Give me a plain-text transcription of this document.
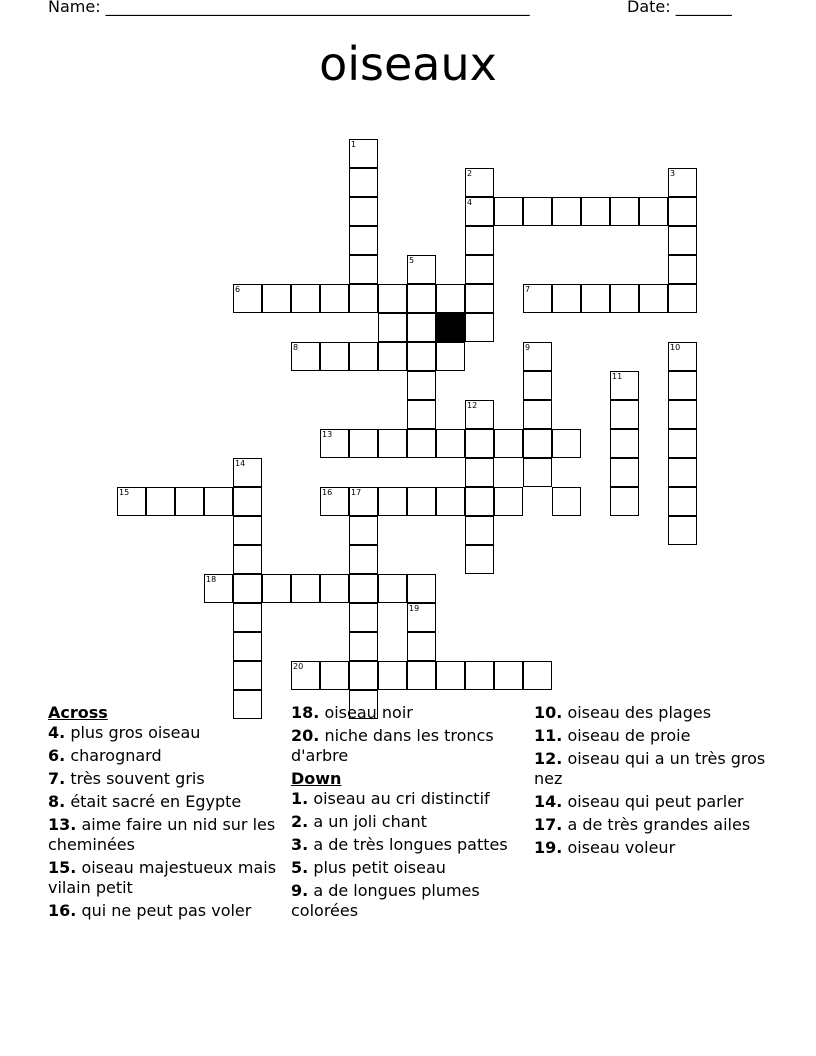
Name: _____________________________________________________	Date: _______
oiseaux
1
2
4
3
5
6	7
8	9	10
11
12
13
14
15	16 17
18
19
20
Across
4. plus gros oiseau
6. charognard
7. très souvent gris
8. était sacré en Egypte
13. aime faire un nid sur les cheminées
15. oiseau majestueux mais vilain petit
16. qui ne peut pas voler
18. oiseau noir
20. niche dans les troncs d'arbre
Down
1. oiseau au cri distinctif
2. a un joli chant
3. a de très longues pattes
5. plus petit oiseau
9. a de longues plumes colorées
10. oiseau des plages
11. oiseau de proie
12. oiseau qui a un très gros nez
14. oiseau qui peut parler
17. a de très grandes ailes
19. oiseau voleur
